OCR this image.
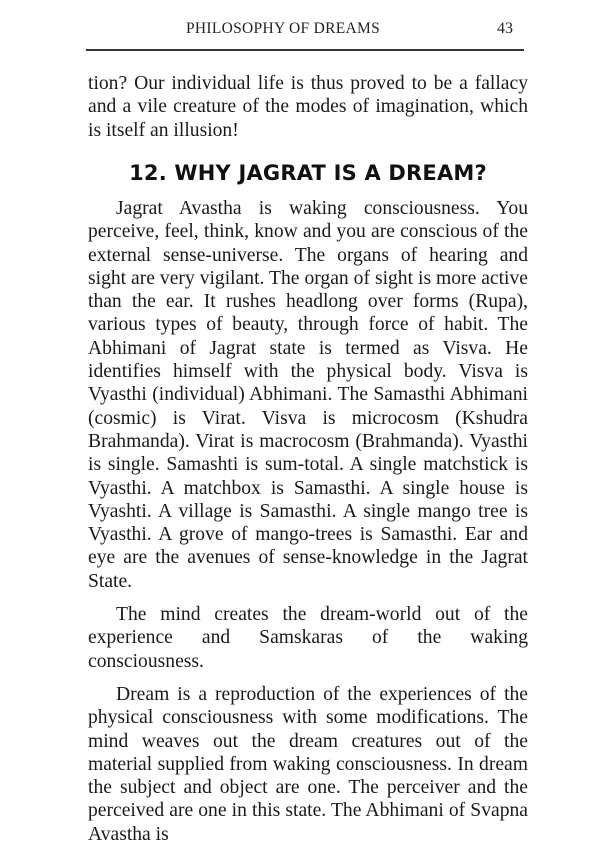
PHILOSOPHY OF DREAMS	43

tion? Our individual life is thus proved to be a fallacy and a vile creature of the modes of imagination, which is itself an illusion!

12. WHY JAGRAT IS A DREAM?

Jagrat Avastha is waking consciousness. You perceive, feel, think, know and you are conscious of the external sense-universe. The organs of hearing and sight are very vigilant. The organ of sight is more active than the ear. It rushes headlong over forms (Rupa), various types of beauty, through force of habit. The Abhimani of Jagrat state is termed as Visva. He identifies himself with the physical body. Visva is Vyasthi (individual) Abhimani. The Samasthi Abhimani (cosmic) is Virat. Visva is microcosm (Kshudra Brahmanda). Virat is macrocosm (Brahmanda). Vyasthi is single. Samashti is sum-total. A single matchstick is Vyasthi. A matchbox is Samasthi. A single house is Vyashti. A village is Samasthi. A single mango tree is Vyasthi. A grove of mango-trees is Samasthi. Ear and eye are the avenues of sense-knowledge in the Jagrat State.

The mind creates the dream-world out of the experience and Samskaras of the waking consciousness.

Dream is a reproduction of the experiences of the physical consciousness with some modifications. The mind weaves out the dream creatures out of the material supplied from waking consciousness. In dream the subject and object are one. The perceiver and the perceived are one in this state. The Abhimani of Svapna Avastha is
